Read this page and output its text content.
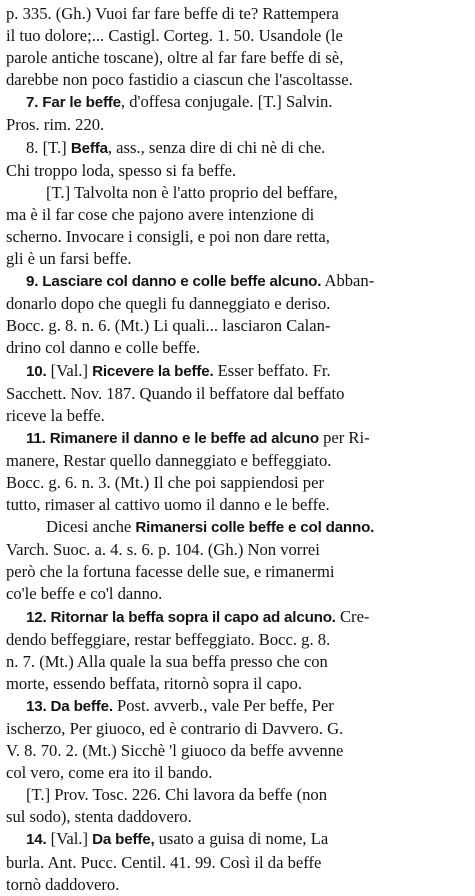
p. 335. (Gh.) Vuoi far fare beffe di te? Rattempera
il tuo dolore;... Castigl. Corteg. 1. 50. Usandole (le
parole antiche toscane), oltre al far fare beffe di sè,
darebbe non poco fastidio a ciascun che l'ascoltasse.
7. Far le beffe, d'offesa conjugale. [T.] Salvin.
Pros. rim. 220.
8. [T.] Beffa, ass., senza dire di chi nè di che.
Chi troppo loda, spesso si fa beffe.
[T.] Talvolta non è l'atto proprio del beffare,
ma è il far cose che pajono avere intenzione di
scherno. Invocare i consigli, e poi non dare retta,
gli è un farsi beffe.
9. Lasciare col danno e colle beffe alcuno. Abban-
donarlo dopo che quegli fu danneggiato e deriso.
Bocc. g. 8. n. 6. (Mt.) Li quali... lasciaron Calan-
drino col danno e colle beffe.
10. [Val.] Ricevere la beffe. Esser beffato. Fr.
Sacchett. Nov. 187. Quando il beffatore dal beffato
riceve la beffe.
11. Rimanere il danno e le beffe ad alcuno per Ri-
manere, Restar quello danneggiato e beffeggiato.
Bocc. g. 6. n. 3. (Mt.) Il che poi sappiendosi per
tutto, rimaser al cattivo uomo il danno e le beffe.
Dicesi anche Rimanersi colle beffe e col danno.
Varch. Suoc. a. 4. s. 6. p. 104. (Gh.) Non vorrei
però che la fortuna facesse delle sue, e rimanermi
co'le beffe e co'l danno.
12. Ritornar la beffa sopra il capo ad alcuno. Cre-
dendo beffeggiare, restar beffeggiato. Bocc. g. 8.
n. 7. (Mt.) Alla quale la sua beffa presso che con
morte, essendo beffata, ritornò sopra il capo.
13. Da beffe. Post. avverb., vale Per beffe, Per
ischerzo, Per giuoco, ed è contrario di Davvero. G.
V. 8. 70. 2. (Mt.) Sicchè 'l giuoco da beffe avvenne
col vero, come era ito il bando.
[T.] Prov. Tosc. 226. Chi lavora da beffe (non
sul sodo), stenta daddovero.
14. [Val.] Da beffe, usato a guisa di nome, La
burla. Ant. Pucc. Centil. 41. 99. Così il da beffe
tornò daddovero.
